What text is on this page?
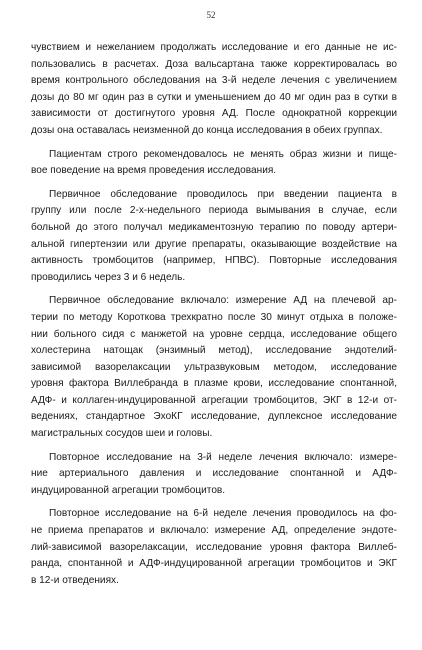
52
чувствием и нежеланием продолжать исследование и его данные не ис-
пользовались в расчетах. Доза вальсартана также корректировалась во
время контрольного обследования на 3-й неделе лечения с увеличением
дозы до 80 мг один раз в сутки и уменьшением до 40 мг один раз в сутки в
зависимости от достигнутого уровня АД. После однократной коррекции
дозы она оставалась неизменной до конца исследования в обеих группах.
Пациентам строго рекомендовалось не менять образ жизни и пище-
вое поведение на время проведения исследования.
Первичное обследование проводилось при введении пациента в
группу или после 2-х-недельного периода вымывания в случае, если
больной до этого получал медикаментозную терапию по поводу артери-
альной гипертензии или другие препараты, оказывающие воздействие на
активность тромбоцитов (например, НПВС). Повторные исследования
проводились через 3 и 6 недель.
Первичное обследование включало: измерение АД на плечевой ар-
терии по методу Короткова трехкратно после 30 минут отдыха в положе-
нии больного сидя с манжетой на уровне сердца, исследование общего
холестерина натощак (энзимный метод), исследование эндотелий-
зависимой вазорелаксации ультразвуковым методом, исследование
уровня фактора Виллебранда в плазме крови, исследование спонтанной,
АДФ- и коллаген-индуцированной агрегации тромбоцитов, ЭКГ в 12-и от-
ведениях, стандартное ЭхоКГ исследование, дуплексное исследование
магистральных сосудов шеи и головы.
Повторное исследование на 3-й неделе лечения включало: измере-
ние артериального давления и исследование спонтанной и АДФ-
индуцированной агрегации тромбоцитов.
Повторное исследование на 6-й неделе лечения проводилось на фо-
не приема препаратов и включало: измерение АД, определение эндоте-
лий-зависимой вазорелаксации, исследование уровня фактора Виллеб-
ранда, спонтанной и АДФ-индуцированной агрегации тромбоцитов и ЭКГ
в 12-и отведениях.
